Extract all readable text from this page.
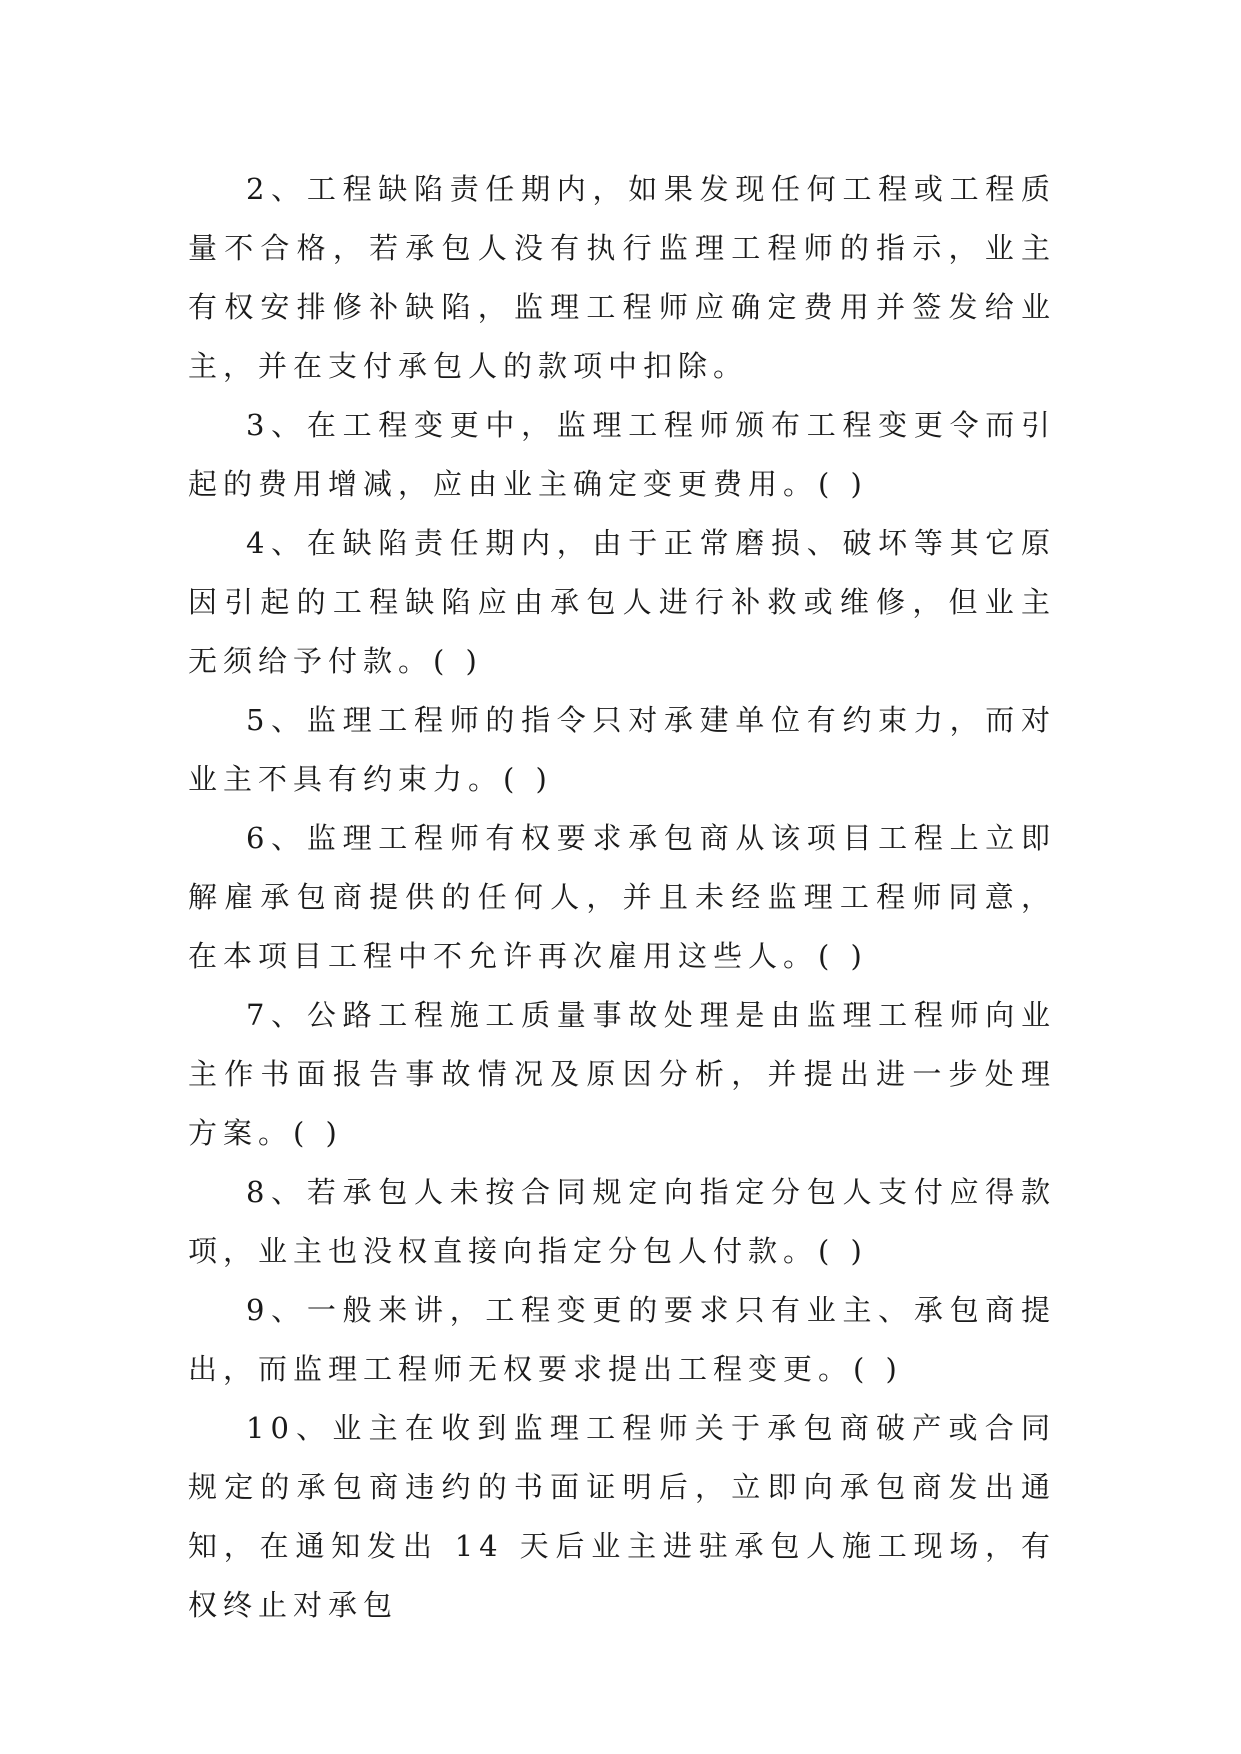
2、工程缺陷责任期内，如果发现任何工程或工程质量不合格，若承包人没有执行监理工程师的指示，业主有权安排修补缺陷，监理工程师应确定费用并签发给业主，并在支付承包人的款项中扣除。

3、在工程变更中，监理工程师颁布工程变更令而引起的费用增减，应由业主确定变更费用。( )

4、在缺陷责任期内，由于正常磨损、破坏等其它原因引起的工程缺陷应由承包人进行补救或维修，但业主无须给予付款。( )

5、监理工程师的指令只对承建单位有约束力，而对业主不具有约束力。( )

6、监理工程师有权要求承包商从该项目工程上立即解雇承包商提供的任何人，并且未经监理工程师同意，在本项目工程中不允许再次雇用这些人。( )

7、公路工程施工质量事故处理是由监理工程师向业主作书面报告事故情况及原因分析，并提出进一步处理方案。( )

8、若承包人未按合同规定向指定分包人支付应得款项，业主也没权直接向指定分包人付款。( )

9、一般来讲，工程变更的要求只有业主、承包商提出，而监理工程师无权要求提出工程变更。( )

10、业主在收到监理工程师关于承包商破产或合同规定的承包商违约的书面证明后，立即向承包商发出通知，在通知发出 14 天后业主进驻承包人施工现场，有权终止对承包
